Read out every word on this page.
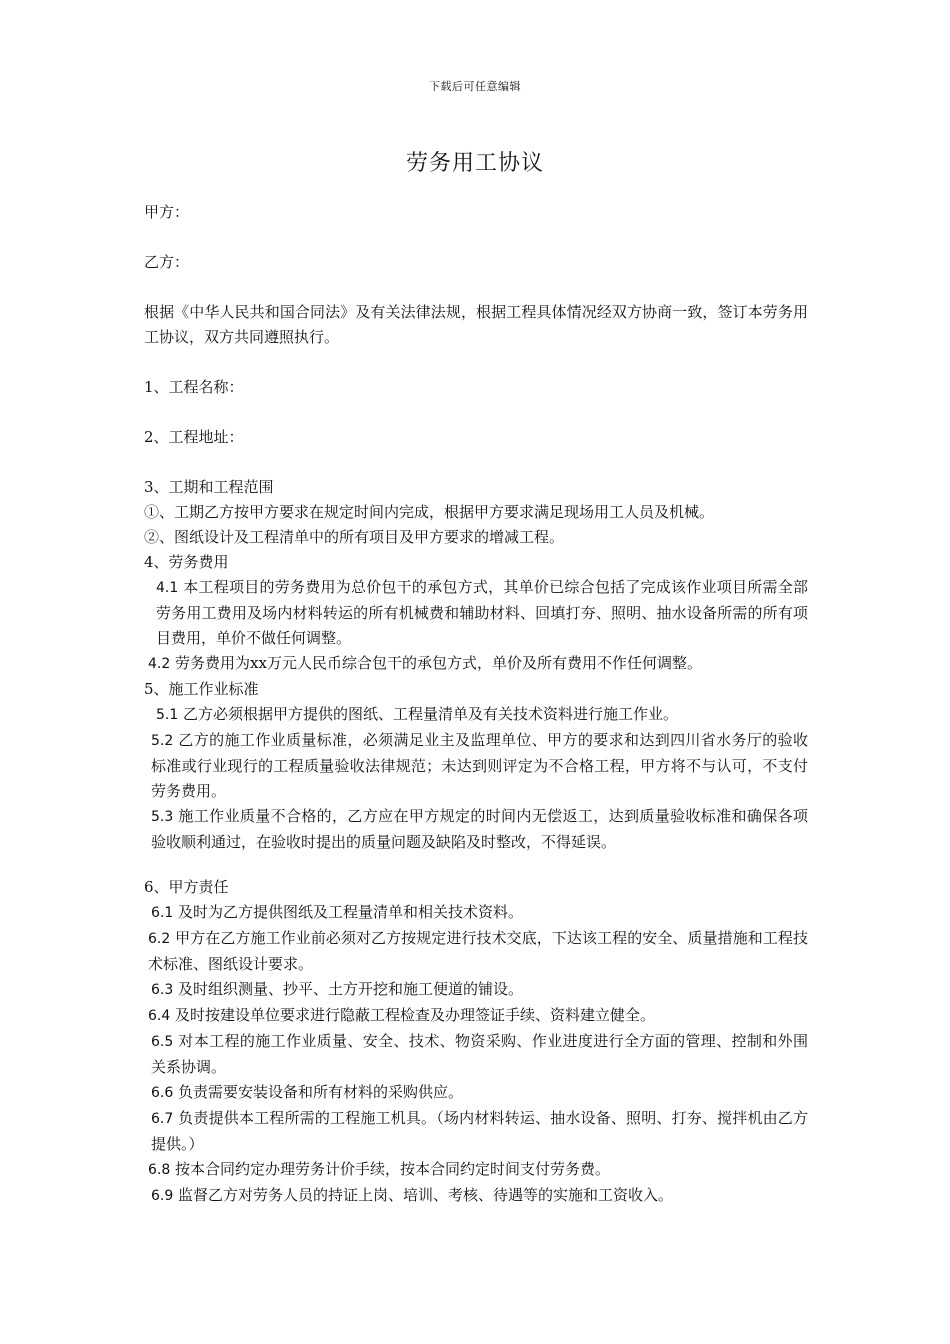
下载后可任意编辑
劳务用工协议

甲方：

乙方：

根据《中华人民共和国合同法》及有关法律法规，根据工程具体情况经双方协商一致，签订本劳务用工协议，双方共同遵照执行。

1、工程名称：

2、工程地址：

3、工期和工程范围

①、工期乙方按甲方要求在规定时间内完成，根据甲方要求满足现场用工人员及机械。

②、图纸设计及工程清单中的所有项目及甲方要求的增减工程。

4、劳务费用

4.1 本工程项目的劳务费用为总价包干的承包方式，其单价已综合包括了完成该作业项目所需全部劳务用工费用及场内材料转运的所有机械费和辅助材料、回填打夯、照明、抽水设备所需的所有项目费用，单价不做任何调整。

4.2 劳务费用为xx万元人民币综合包干的承包方式，单价及所有费用不作任何调整。

5、施工作业标准

5.1 乙方必须根据甲方提供的图纸、工程量清单及有关技术资料进行施工作业。

5.2 乙方的施工作业质量标准，必须满足业主及监理单位、甲方的要求和达到四川省水务厅的验收标准或行业现行的工程质量验收法律规范；未达到则评定为不合格工程，甲方将不与认可，不支付劳务费用。

5.3 施工作业质量不合格的，乙方应在甲方规定的时间内无偿返工，达到质量验收标准和确保各项验收顺利通过，在验收时提出的质量问题及缺陷及时整改，不得延误。

6、甲方责任

6.1 及时为乙方提供图纸及工程量清单和相关技术资料。

6.2 甲方在乙方施工作业前必须对乙方按规定进行技术交底，下达该工程的安全、质量措施和工程技术标准、图纸设计要求。

6.3 及时组织测量、抄平、土方开挖和施工便道的铺设。

6.4 及时按建设单位要求进行隐蔽工程检查及办理签证手续、资料建立健全。

6.5 对本工程的施工作业质量、安全、技术、物资采购、作业进度进行全方面的管理、控制和外围关系协调。

6.6 负责需要安装设备和所有材料的采购供应。

6.7 负责提供本工程所需的工程施工机具。（场内材料转运、抽水设备、照明、打夯、搅拌机由乙方提供。）

6.8 按本合同约定办理劳务计价手续，按本合同约定时间支付劳务费。

6.9 监督乙方对劳务人员的持证上岗、培训、考核、待遇等的实施和工资收入。
